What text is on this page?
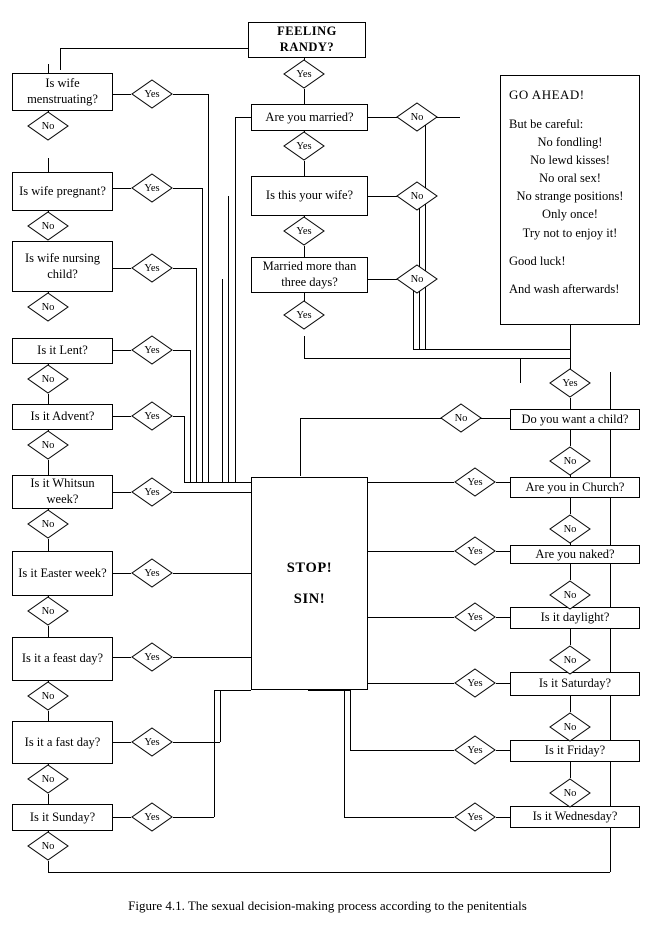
FEELING RANDY?
Are you married?
Is this your wife?
Married more than three days?
Is wife menstruating?
Is wife pregnant?
Is wife nursing child?
Is it Lent?
Is it Advent?
Is it Whitsun week?
Is it Easter week?
Is it a feast day?
Is it a fast day?
Is it Sunday?
Do you want a child?
Are you in Church?
Are you naked?
Is it daylight?
Is it Saturday?
Is it Friday?
Is it Wednesday?
STOP!
SIN!
GO AHEAD!
But be careful:
No fondling!
No lewd kisses!
No oral sex!
No strange positions!
Only once!
Try not to enjoy it!
Good luck!
And wash afterwards!
Yes
Yes
Yes
Yes
No
No
No
No
No
No
No
No
No
No
No
No
No
Yes
Yes
Yes
Yes
Yes
Yes
Yes
Yes
Yes
Yes
Yes
No
No
No
No
No
No
No
Yes
Yes
Yes
Yes
Yes
Yes
Figure 4.1. The sexual decision-making process according to the penitentials
